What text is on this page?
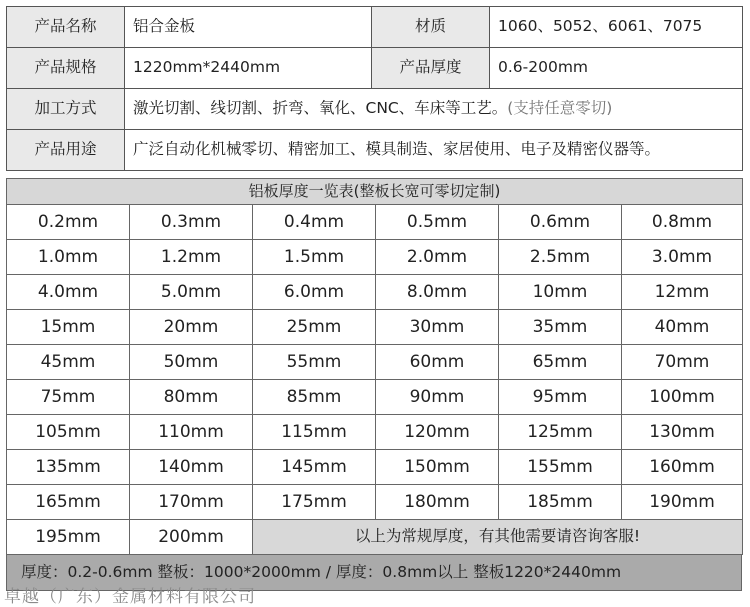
产品名称	铝合金板	材质	1060、5052、6061、7075
产品规格	1220mm*2440mm	产品厚度	0.6-200mm
加工方式	激光切割、线切割、折弯、氧化、CNC、车床等工艺。(支持任意零切)		
产品用途	广泛自动化机械零切、精密加工、模具制造、家居使用、电子及精密仪器等。		
铝板厚度一览表(整板长宽可零切定制)					
0.2mm	0.3mm	0.4mm	0.5mm	0.6mm	0.8mm
1.0mm	1.2mm	1.5mm	2.0mm	2.5mm	3.0mm
4.0mm	5.0mm	6.0mm	8.0mm	10mm	12mm
15mm	20mm	25mm	30mm	35mm	40mm
45mm	50mm	55mm	60mm	65mm	70mm
75mm	80mm	85mm	90mm	95mm	100mm
105mm	110mm	115mm	120mm	125mm	130mm
135mm	140mm	145mm	150mm	155mm	160mm
165mm	170mm	175mm	180mm	185mm	190mm
195mm	200mm	以上为常规厚度，有其他需要请咨询客服!			
厚度：0.2-0.6mm 整板：1000*2000mm / 厚度：0.8mm以上 整板1220*2440mm
卓越（广东）金属材料有限公司
